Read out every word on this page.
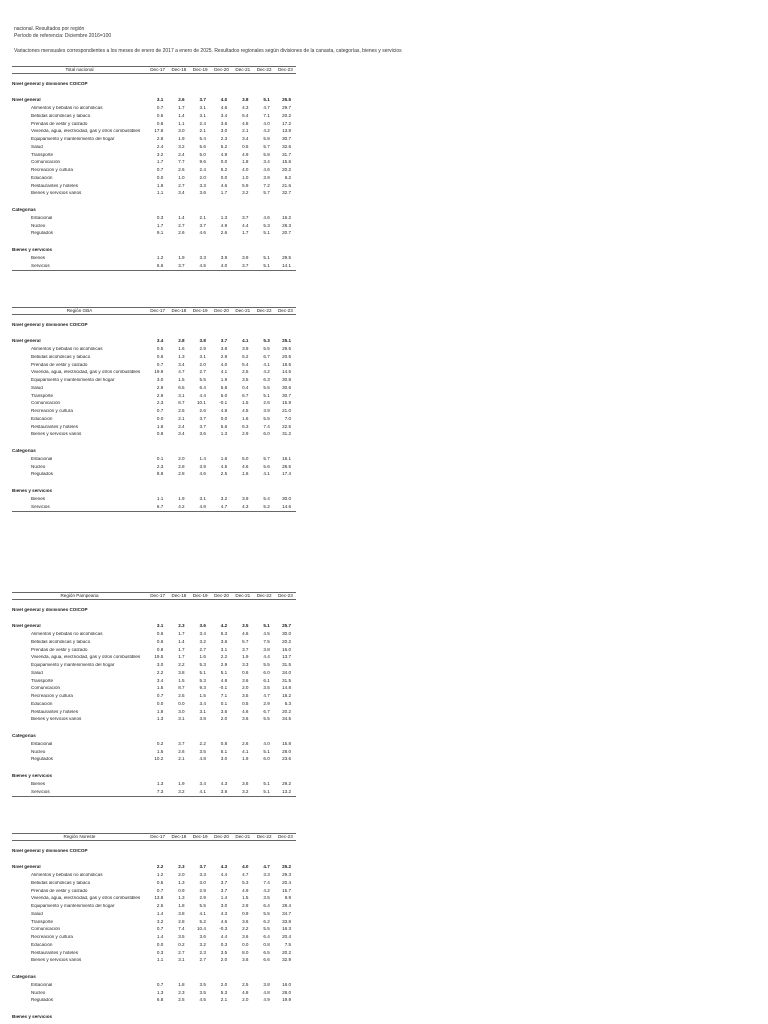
nacional. Resultados por región
Período de referencia: Diciembre 2016=100
Variaciones mensuales correspondientes a los meses de enero de 2017 a enero de 2025. Resultados regionales según divisiones de la canasta, categorías, bienes y servicios
Total nacional	Dec-17	Dec-18	Dec-19	Dec-20	Dec-21	Dec-22	Dec-23
Nivel general y divisiones COICOP
Nivel general	3.1	2.6	3.7	4.0	3.8	5.1	25.5
Alimentos y bebidas no alcohólicas	0.7	1.7	3.1	4.6	4.3	4.7	29.7
Bebidas alcohólicas y tabaco	0.5	1.4	3.1	3.4	5.4	7.1	20.2
Prendas de vestir y calzado	0.8	1.1	2.4	3.6	4.8	4.0	17.2
Vivienda, agua, electricidad, gas y otros combustibles	17.8	3.0	2.1	3.0	2.1	4.2	13.8
Equipamiento y mantenimiento del hogar	2.8	1.9	5.4	2.3	3.4	5.8	30.7
Salud	2.4	3.2	5.6	5.2	0.5	5.7	32.6
Transporte	3.2	2.4	5.0	4.9	4.9	5.8	31.7
Comunicación	1.7	7.7	9.6	0.0	1.8	3.4	15.6
Recreación y cultura	0.7	2.6	2.4	5.2	4.0	4.6	20.2
Educación	0.0	1.0	2.0	0.0	1.0	3.9	6.2
Restaurantes y hoteles	1.8	2.7	3.3	4.6	5.9	7.2	21.6
Bienes y servicios varios	1.1	3.4	3.6	1.7	3.2	5.7	32.7
Categorías
Estacional	0.3	1.4	2.1	1.3	3.7	4.6	16.2
Núcleo	1.7	2.7	3.7	4.9	4.4	5.3	28.3
Regulados	9.1	2.6	4.6	2.6	1.7	5.1	20.7
Bienes y servicios
Bienes	1.2	1.9	3.3	3.9	3.9	5.1	29.5
Servicios	6.6	3.7	4.5	4.0	3.7	5.1	14.1
Región GBA	Dec-17	Dec-18	Dec-19	Dec-20	Dec-21	Dec-22	Dec-23
Nivel general y divisiones COICOP
Nivel general	3.4	2.8	3.8	3.7	4.1	5.3	25.1
Alimentos y bebidas no alcohólicas	0.5	1.6	2.9	3.8	3.9	5.5	29.5
Bebidas alcohólicas y tabaco	0.6	1.3	3.1	2.9	5.2	6.7	20.5
Prendas de vestir y calzado	0.7	3.4	2.0	4.0	5.4	4.1	18.5
Vivienda, agua, electricidad, gas y otros combustibles	19.9	4.7	2.7	4.1	2.5	4.2	14.5
Equipamiento y mantenimiento del hogar	3.0	1.5	5.5	1.9	3.5	6.3	30.8
Salud	2.9	6.5	6.4	5.8	0.4	5.5	30.6
Transporte	2.9	3.1	4.4	5.0	6.7	5.1	30.7
Comunicación	2.3	6.7	10.1	-0.1	1.5	2.6	15.9
Recreación y cultura	0.7	2.5	2.6	4.8	4.5	3.9	21.0
Educación	0.0	2.1	3.7	0.0	1.6	5.5	7.0
Restaurantes y hoteles	1.8	2.4	3.7	5.6	6.3	7.4	22.5
Bienes y servicios varios	0.8	3.4	3.6	1.3	2.9	6.0	31.2
Categorías
Estacional	0.1	2.0	1.4	1.6	5.0	5.7	16.1
Núcleo	2.3	2.8	3.9	4.5	4.6	5.6	28.5
Regulados	8.8	2.8	4.6	2.5	1.6	4.1	17.4
Bienes y servicios
Bienes	1.1	1.9	3.1	3.2	3.9	5.4	30.0
Servicios	6.7	4.2	4.8	4.7	4.3	5.2	14.6
Región Pampeana	Dec-17	Dec-18	Dec-19	Dec-20	Dec-21	Dec-22	Dec-23
Nivel general y divisiones COICOP
Nivel general	3.1	2.3	3.6	4.2	3.5	5.1	25.7
Alimentos y bebidas no alcohólicas	0.6	1.7	3.4	5.3	4.6	4.5	30.0
Bebidas alcohólicas y tabaco	0.6	1.4	3.2	3.6	5.7	7.5	20.2
Prendas de vestir y calzado	0.8	1.7	2.7	3.1	3.7	3.8	16.0
Vivienda, agua, electricidad, gas y otros combustibles	19.5	1.7	1.6	2.2	1.9	4.4	13.7
Equipamiento y mantenimiento del hogar	3.0	2.2	5.3	2.9	3.3	5.5	31.5
Salud	2.2	3.8	5.1	5.1	0.6	6.0	34.0
Transporte	3.4	1.5	5.3	4.8	3.6	6.1	31.5
Comunicación	1.5	8.7	9.3	-0.1	2.0	3.5	14.8
Recreación y cultura	0.7	2.5	1.5	7.1	3.5	4.7	18.2
Educación	0.0	0.0	3.4	0.1	0.5	2.9	5.3
Restaurantes y hoteles	1.8	3.0	3.1	3.6	4.6	6.7	20.2
Bienes y servicios varios	1.3	3.1	3.8	2.0	3.6	5.5	34.5
Categorías
Estacional	0.2	3.7	2.2	0.8	2.6	4.0	15.8
Núcleo	1.5	2.6	3.5	5.1	4.1	5.1	28.0
Regulados	10.2	2.1	4.8	3.0	1.9	6.0	23.6
Bienes y servicios
Bienes	1.3	1.9	3.4	4.3	3.6	5.1	29.2
Servicios	7.3	3.2	4.1	3.8	3.2	5.1	13.2
Región Noreste	Dec-17	Dec-18	Dec-19	Dec-20	Dec-21	Dec-22	Dec-23
Nivel general y divisiones COICOP
Nivel general	2.2	2.3	3.7	4.3	4.0	4.7	25.2
Alimentos y bebidas no alcohólicas	1.2	2.0	3.3	4.4	4.7	3.3	29.3
Bebidas alcohólicas y tabaco	0.5	1.3	3.0	3.7	5.3	7.4	20.4
Prendas de vestir y calzado	0.7	0.9	2.9	3.7	4.9	4.2	15.7
Vivienda, agua, electricidad, gas y otros combustibles	13.8	1.3	2.9	1.4	1.5	3.5	9.9
Equipamiento y mantenimiento del hogar	2.5	1.8	5.5	3.0	2.8	6.4	28.4
Salud	1.4	3.8	4.1	4.3	0.9	5.5	34.7
Transporte	3.2	2.8	5.2	4.6	3.6	6.2	33.8
Comunicación	0.7	7.4	10.4	-0.3	2.2	5.5	16.3
Recreación y cultura	1.4	3.5	3.6	4.4	3.6	6.4	20.4
Educación	0.0	0.2	3.2	0.3	0.0	0.8	7.5
Restaurantes y hoteles	0.3	2.7	2.3	3.5	8.0	6.5	20.2
Bienes y servicios varios	1.1	3.1	2.7	2.0	3.6	6.6	32.9
Categorías
Estacional	0.7	1.8	3.5	2.0	2.5	3.8	16.0
Núcleo	1.3	2.3	3.5	5.3	4.8	4.8	28.0
Regulados	6.8	2.5	4.5	2.1	2.0	4.9	19.9
Bienes y servicios
